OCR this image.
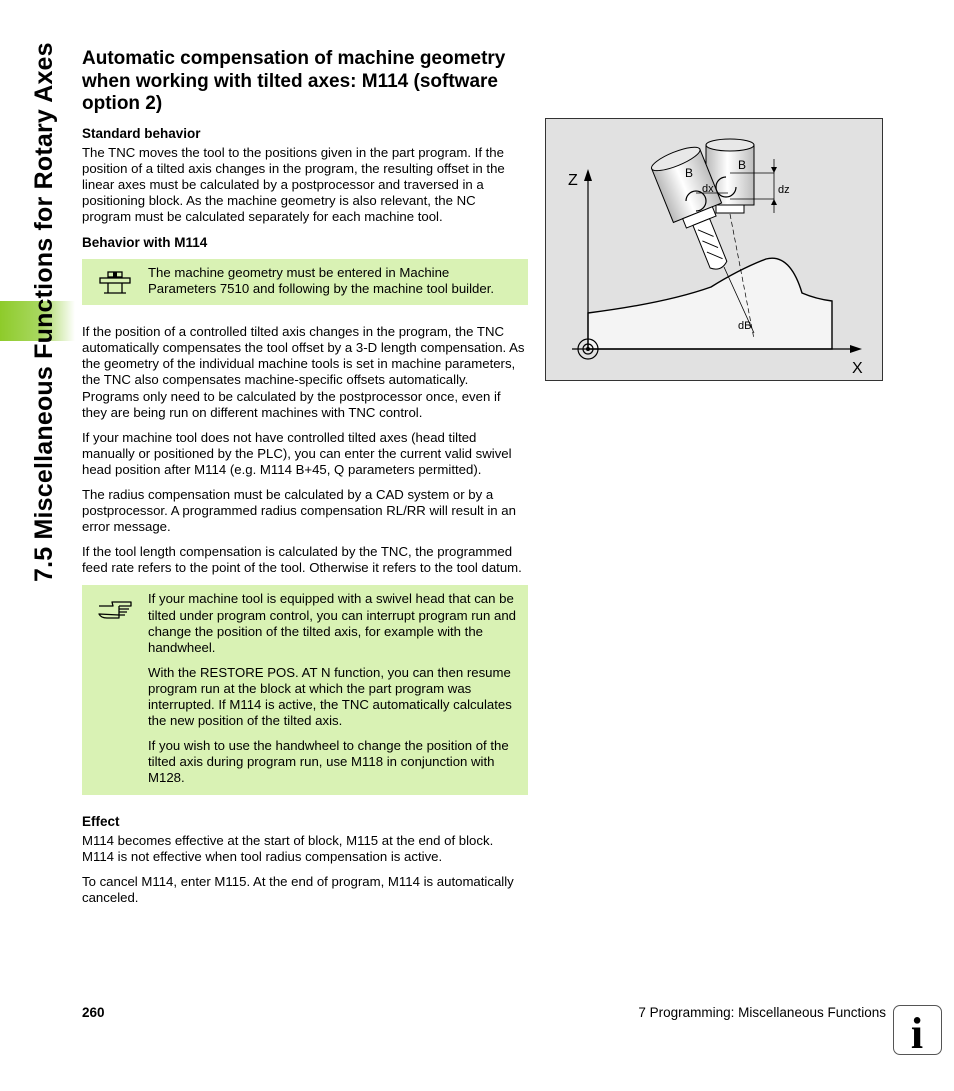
7.5 Miscellaneous Functions for Rotary Axes Automatic compensation of machine geometry when working with tilted axes: M114 (software option 2)
Standard behavior

The TNC moves the tool to the positions given in the part program. If the position of a tilted axis changes in the program, the resulting offset in the linear axes must be calculated by a postprocessor and traversed in a positioning block. As the machine geometry is also relevant, the NC program must be calculated separately for each machine tool.

Behavior with M114

The machine geometry must be entered in Machine Parameters 7510 and following by the machine tool builder.

If the position of a controlled tilted axis changes in the program, the TNC automatically compensates the tool offset by a 3-D length compensation. As the geometry of the individual machine tools is set in machine parameters, the TNC also compensates machine-specific offsets automatically. Programs only need to be calculated by the postprocessor once, even if they are being run on different machines with TNC control.

If your machine tool does not have controlled tilted axes (head tilted manually or positioned by the PLC), you can enter the current valid swivel head position after M114 (e.g. M114 B+45, Q parameters permitted).

The radius compensation must be calculated by a CAD system or by a postprocessor. A programmed radius compensation RL/RR will result in an error message.

If the tool length compensation is calculated by the TNC, the programmed feed rate refers to the point of the tool. Otherwise it refers to the tool datum.

If your machine tool is equipped with a swivel head that can be tilted under program control, you can interrupt program run and change the position of the tilted axis, for example with the handwheel.

With the RESTORE POS. AT N function, you can then resume program run at the block at which the part program was interrupted. If M114 is active, the TNC automatically calculates the new position of the tilted axis.

If you wish to use the handwheel to change the position of the tilted axis during program run, use M118 in conjunction with M128.

Effect

M114 becomes effective at the start of block, M115 at the end of block. M114 is not effective when tool radius compensation is active.

To cancel M114, enter M115. At the end of program, M114 is automatically canceled.

Z
X
B
B
dx	dz
dB
260	7 Programming: Miscellaneous Functions i
